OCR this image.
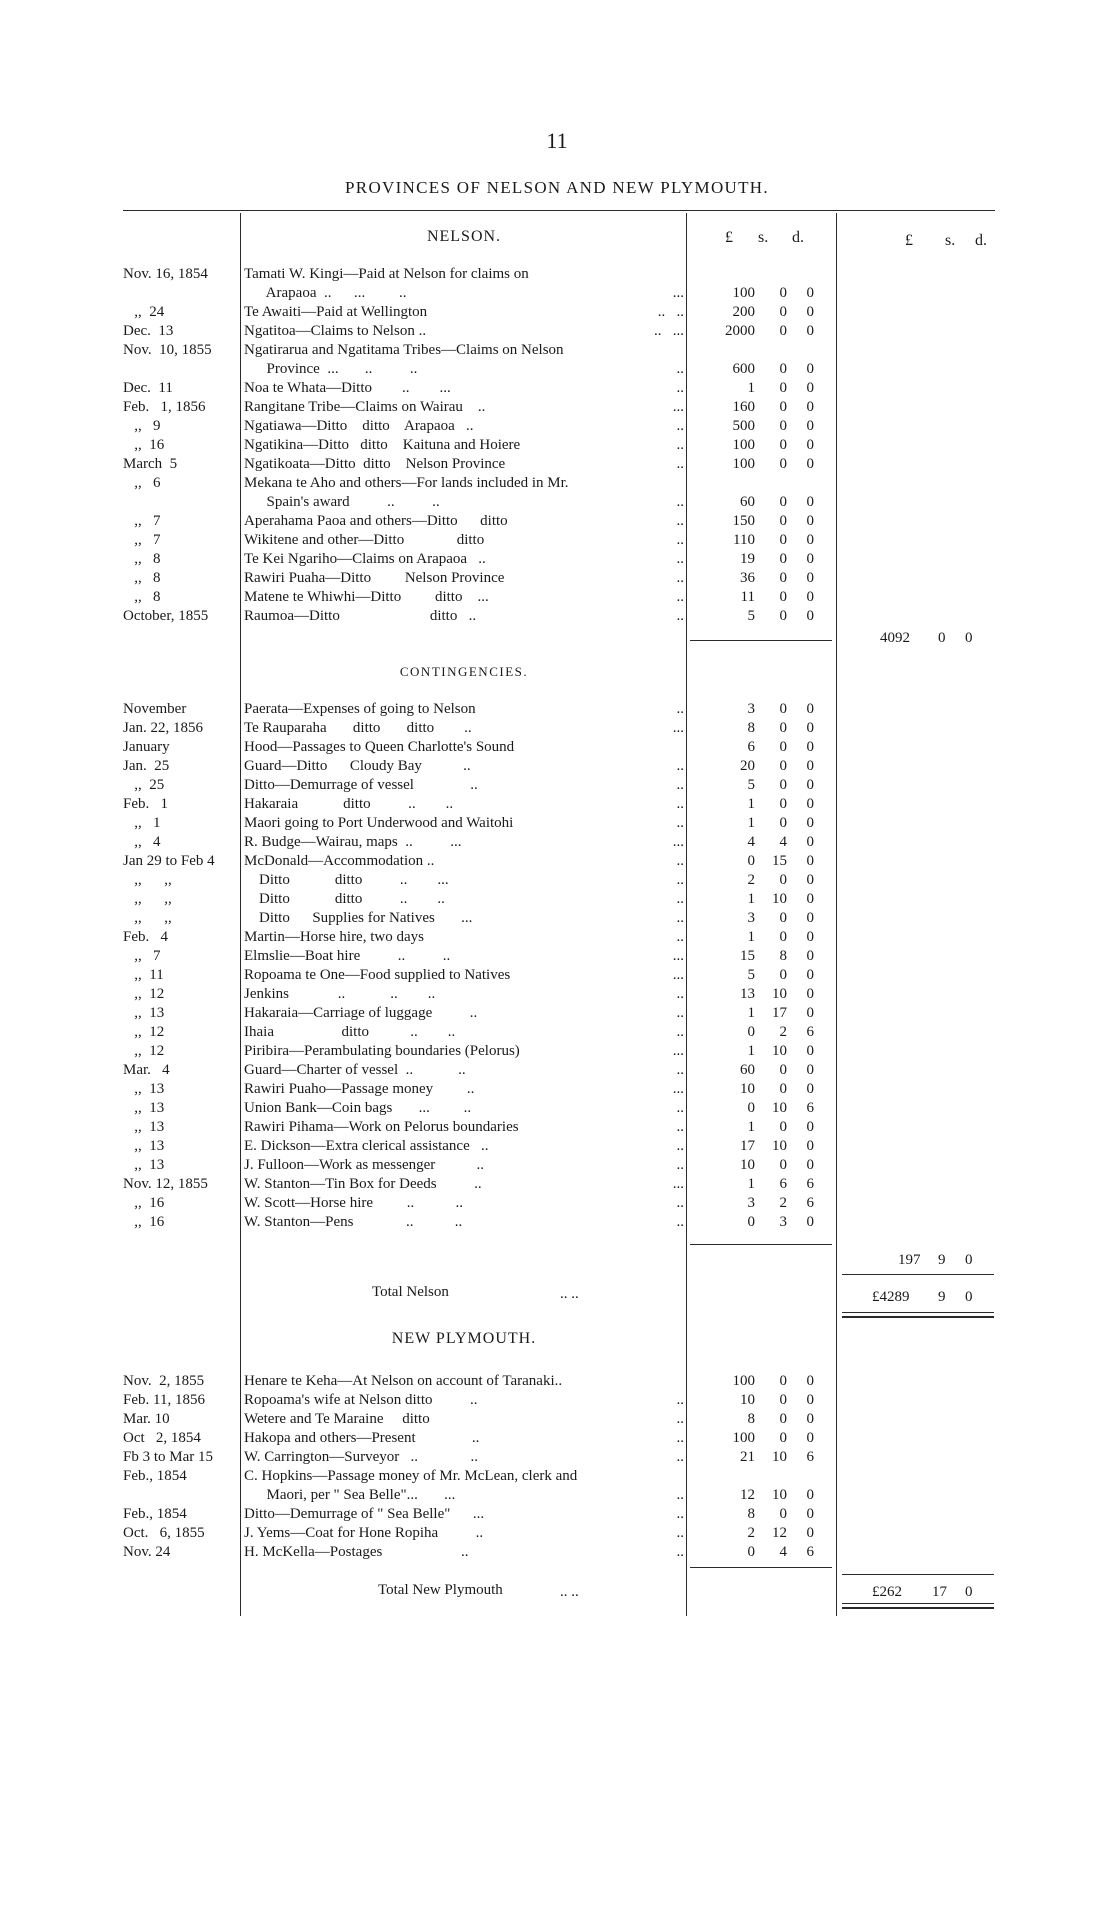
11
PROVINCES OF NELSON AND NEW PLYMOUTH.
NELSON.	£ s. d.	£ s. d.
Nov. 16, 1854	Tamati W. Kingi—Paid at Nelson for claims on
Arapaoa  ..      ...         ..	...	100	0	0
,,  24	Te Awaiti—Paid at Wellington	..   ..	200	0	0
Dec.  13	Ngatitoa—Claims to Nelson ..	..   ...	2000	0	0
Nov.  10, 1855	Ngatirarua and Ngatitama Tribes—Claims on Nelson
Province  ...       ..          ..	..	600	0	0
Dec.  11	Noa te Whata—Ditto        ..        ...	..	1	0	0
Feb.   1, 1856	Rangitane Tribe—Claims on Wairau    ..	...	160	0	0
,,   9	Ngatiawa—Ditto    ditto    Arapaoa   ..	..	500	0	0
,,  16	Ngatikina—Ditto   ditto    Kaituna and Hoiere	..	100	0	0
March  5	Ngatikoata—Ditto  ditto    Nelson Province	..	100	0	0
,,   6	Mekana te Aho and others—For lands included in Mr.
Spain's award          ..          ..	..	60	0	0
,,   7	Aperahama Paoa and others—Ditto      ditto	..	150	0	0
,,   7	Wikitene and other—Ditto              ditto	..	110	0	0
,,   8	Te Kei Ngariho—Claims on Arapaoa   ..	..	19	0	0
,,   8	Rawiri Puaha—Ditto         Nelson Province	..	36	0	0
,,   8	Matene te Whiwhi—Ditto         ditto    ...	..	11	0	0
October, 1855	Raumoa—Ditto                        ditto   ..	..	5	0	0
4092 0 0
CONTINGENCIES.
November	Paerata—Expenses of going to Nelson	..	3	0	0
Jan. 22, 1856	Te Rauparaha       ditto       ditto        ..	...	8	0	0
January	Hood—Passages to Queen Charlotte's Sound	6	0	0
Jan.  25	Guard—Ditto      Cloudy Bay           ..	..	20	0	0
,,  25	Ditto—Demurrage of vessel               ..	..	5	0	0
Feb.   1	Hakaraia            ditto          ..        ..	..	1	0	0
,,   1	Maori going to Port Underwood and Waitohi	..	1	0	0
,,   4	R. Budge—Wairau, maps  ..          ...	...	4	4	0
Jan 29 to Feb 4	McDonald—Accommodation ..	..	0	15	0
,,      ,,	Ditto            ditto          ..        ...	..	2	0	0
,,      ,,	Ditto            ditto          ..        ..	..	1	10	0
,,      ,,	Ditto      Supplies for Natives       ...	..	3	0	0
Feb.   4	Martin—Horse hire, two days	..	1	0	0
,,   7	Elmslie—Boat hire          ..          ..	...	15	8	0
,,  11	Ropoama te One—Food supplied to Natives	...	5	0	0
,,  12	Jenkins             ..            ..        ..	..	13	10	0
,,  13	Hakaraia—Carriage of luggage          ..	..	1	17	0
,,  12	Ihaia                  ditto           ..        ..	..	0	2	6
,,  12	Piribira—Perambulating boundaries (Pelorus)	...	1	10	0
Mar.   4	Guard—Charter of vessel  ..            ..	..	60	0	0
,,  13	Rawiri Puaho—Passage money         ..	...	10	0	0
,,  13	Union Bank—Coin bags       ...         ..	..	0	10	6
,,  13	Rawiri Pihama—Work on Pelorus boundaries	..	1	0	0
,,  13	E. Dickson—Extra clerical assistance   ..	..	17	10	0
,,  13	J. Fulloon—Work as messenger           ..	..	10	0	0
Nov. 12, 1855	W. Stanton—Tin Box for Deeds          ..	...	1	6	6
,,  16	W. Scott—Horse hire         ..           ..	..	3	2	6
,,  16	W. Stanton—Pens              ..           ..	..	0	3	0
197 9 0
Total Nelson	.. ..	£4289 9 0
NEW PLYMOUTH.
Nov.  2, 1855	Henare te Keha—At Nelson on account of Taranaki..	100	0	0
Feb. 11, 1856	Ropoama's wife at Nelson ditto          ..	..	10	0	0
Mar. 10	Wetere and Te Maraine     ditto	..	8	0	0
Oct   2, 1854	Hakopa and others—Present               ..	..	100	0	0
Fb 3 to Mar 15	W. Carrington—Surveyor   ..              ..	..	21	10	6
Feb., 1854	C. Hopkins—Passage money of Mr. McLean, clerk and
Maori, per " Sea Belle"...       ...	..	12	10	0
Feb., 1854	Ditto—Demurrage of " Sea Belle"      ...	..	8	0	0
Oct.   6, 1855	J. Yems—Coat for Hone Ropiha          ..	..	2	12	0
Nov. 24	H. McKella—Postages                     ..	..	0	4	6
Total New Plymouth	.. ..	£262 17 0
